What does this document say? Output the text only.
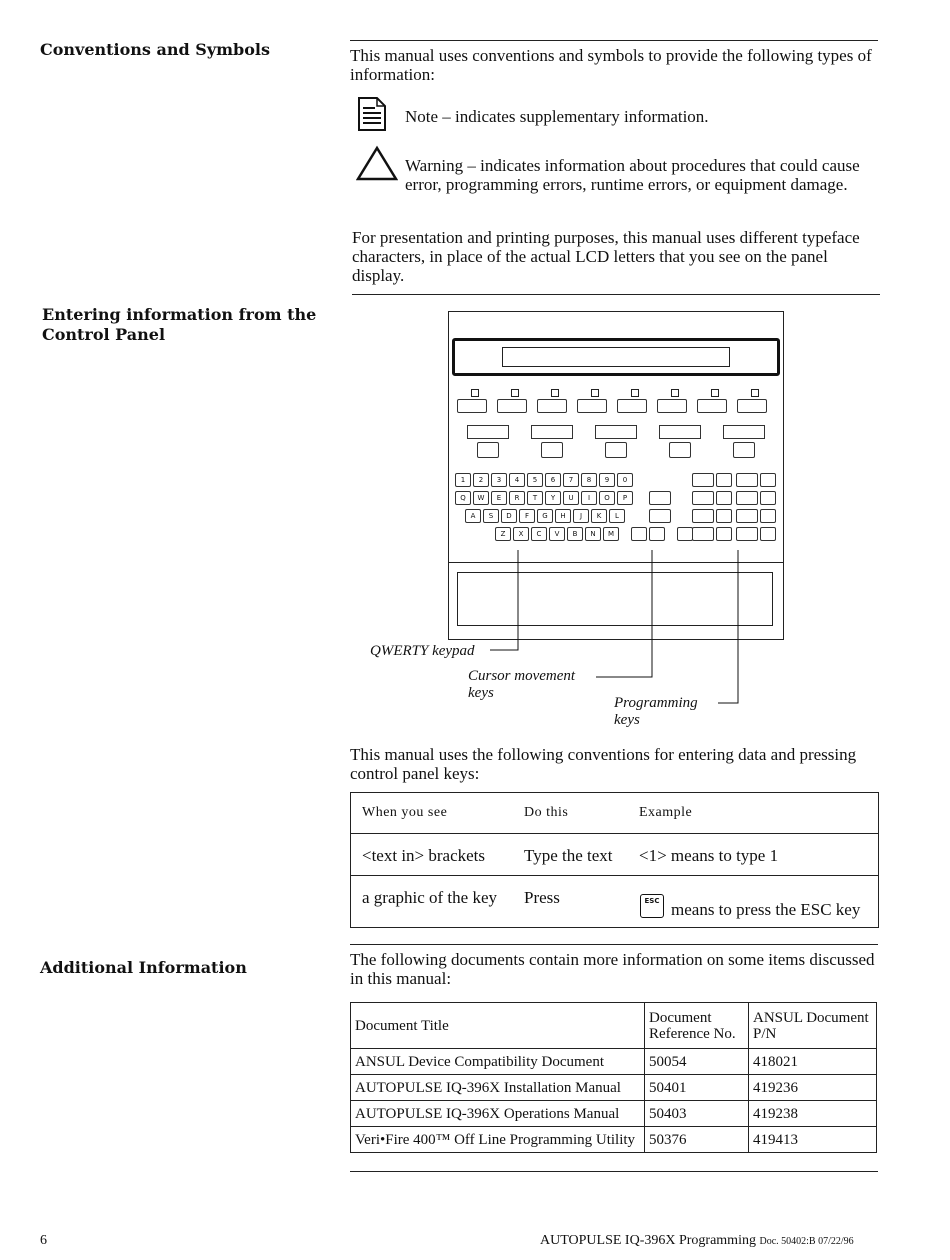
Conventions and Symbols	This manual uses conventions and symbols to provide the following types of information:
Note – indicates supplementary information.
Warning – indicates information about procedures that could cause error, programming errors, runtime errors, or equipment damage.
For presentation and printing purposes, this manual uses different typeface characters, in place of the actual LCD letters that you see on the panel display.
Entering information from the
Control Panel
1	2	3	4	5	6	7	8	9	0
Q	W	E	R	T	Y	U	I	O	P
A	S	D	F	G	H	J	K	L
Z	X	C	V	B	N	M
QWERTY keypad
Cursor movement
keys
Programming
keys
This manual uses the following conventions for entering data and pressing control panel keys:
When you see	Do this	Example
<text in> brackets	Type the text	<1> means to type 1
a graphic of the key	Press	ESC means to press the ESC key
Additional Information	The following documents contain more information on some items discussed in this manual:
Document Title	Document Reference No.	ANSUL Document P/N
ANSUL Device Compatibility Document	50054	418021
AUTOPULSE IQ-396X Installation Manual	50401	419236
AUTOPULSE IQ-396X Operations Manual	50403	419238
Veri•Fire 400™ Off Line Programming Utility	50376	419413
6	AUTOPULSE IQ-396X Programming Doc. 50402:B 07/22/96
